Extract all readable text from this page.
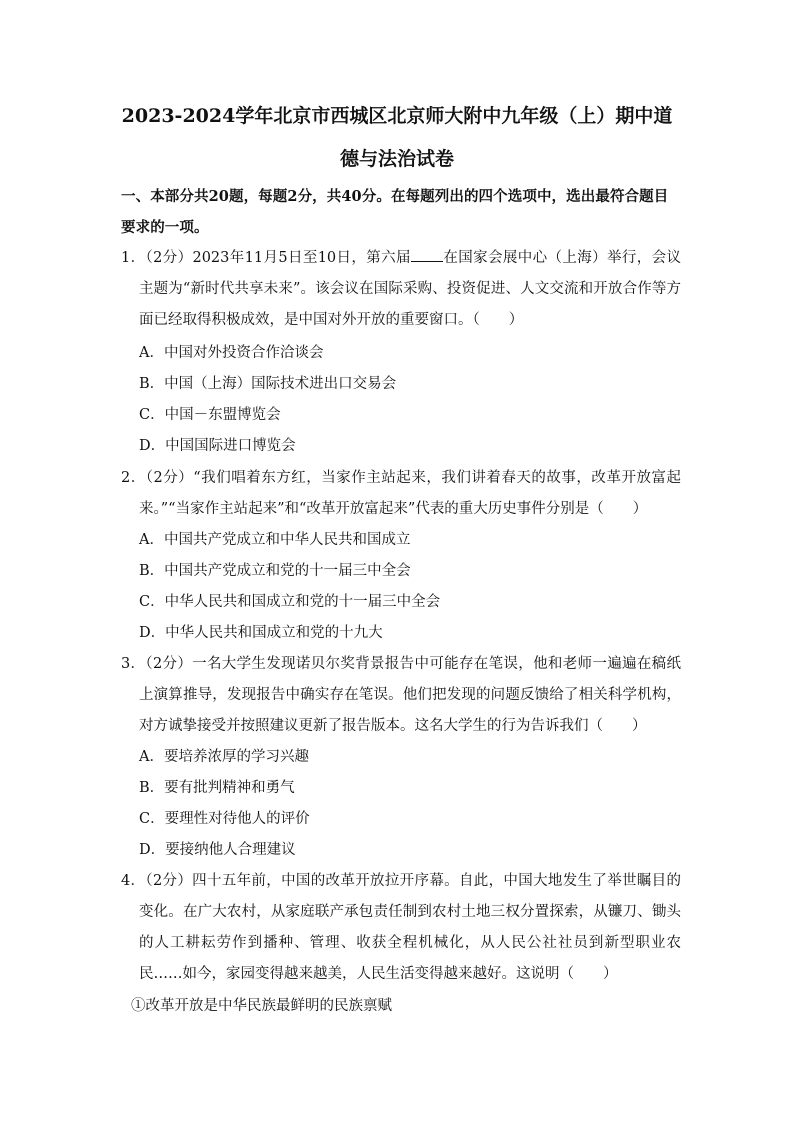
2023-2024学年北京市西城区北京师大附中九年级（上）期中道
德与法治试卷
一、本部分共20题，每题2分，共40分。在每题列出的四个选项中，选出最符合题目要求的一项。
1．（2分）2023年11月5日至10日，第六届 在国家会展中心（上海）举行，会议主题为“新时代共享未来”。该会议在国际采购、投资促进、人文交流和开放合作等方面已经取得积极成效，是中国对外开放的重要窗口。（　　）
A．中国对外投资合作洽谈会
B．中国（上海）国际技术进出口交易会
C．中国－东盟博览会
D．中国国际进口博览会
2．（2分）“我们唱着东方红，当家作主站起来，我们讲着春天的故事，改革开放富起来。”“当家作主站起来”和“改革开放富起来”代表的重大历史事件分别是（　　）
A．中国共产党成立和中华人民共和国成立
B．中国共产党成立和党的十一届三中全会
C．中华人民共和国成立和党的十一届三中全会
D．中华人民共和国成立和党的十九大
3．（2分）一名大学生发现诺贝尔奖背景报告中可能存在笔误，他和老师一遍遍在稿纸上演算推导，发现报告中确实存在笔误。他们把发现的问题反馈给了相关科学机构，对方诚挚接受并按照建议更新了报告版本。这名大学生的行为告诉我们（　　）
A．要培养浓厚的学习兴趣
B．要有批判精神和勇气
C．要理性对待他人的评价
D．要接纳他人合理建议
4．（2分）四十五年前，中国的改革开放拉开序幕。自此，中国大地发生了举世瞩目的变化。在广大农村，从家庭联产承包责任制到农村土地三权分置探索，从镰刀、锄头的人工耕耘劳作到播种、管理、收获全程机械化，从人民公社社员到新型职业农民……如今，家园变得越来越美，人民生活变得越来越好。这说明（　　）
①改革开放是中华民族最鲜明的民族禀赋
